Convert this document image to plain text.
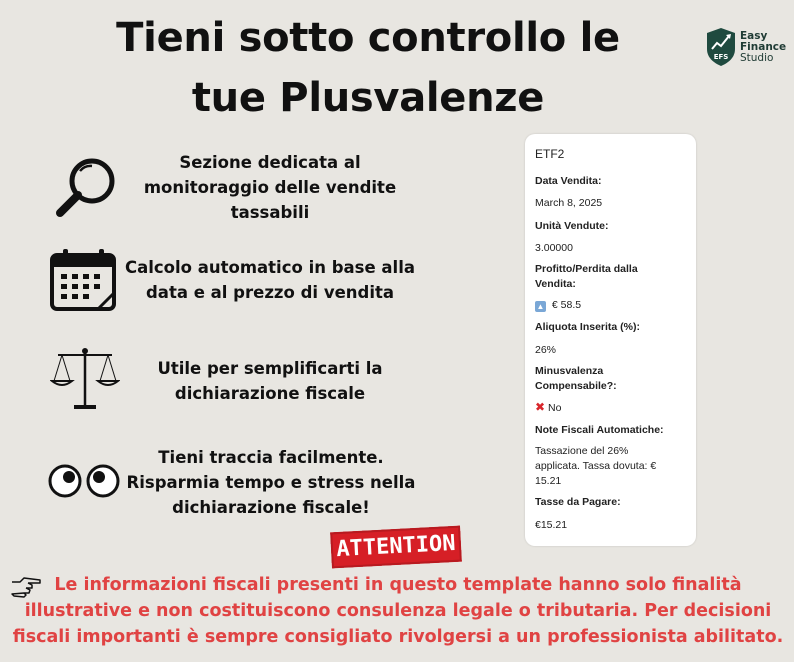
Tieni sotto controllo le
tue Plusvalenze
EFS
Easy
Finance
Studio
Sezione dedicata al
monitoraggio delle vendite
tassabili
Calcolo automatico in base alla
data e al prezzo di vendita
Utile per semplificarti la
dichiarazione fiscale
Tieni traccia facilmente.
Risparmia tempo e stress nella
dichiarazione fiscale!
ETF2
Data Vendita:
March 8, 2025
Unità Vendute:
3.00000
Profitto/Perdita dalla
Vendita:
▲ € 58.5
Aliquota Inserita (%):
26%
Minusvalenza
Compensabile?:
✖ No
Note Fiscali Automatiche:
Tassazione del 26%
applicata. Tassa dovuta: €
15.21
Tasse da Pagare:
€15.21
ATTENTION
Le informazioni fiscali presenti in questo template hanno solo finalità illustrative e non costituiscono consulenza legale o tributaria. Per decisioni fiscali importanti è sempre consigliato rivolgersi a un professionista abilitato.
